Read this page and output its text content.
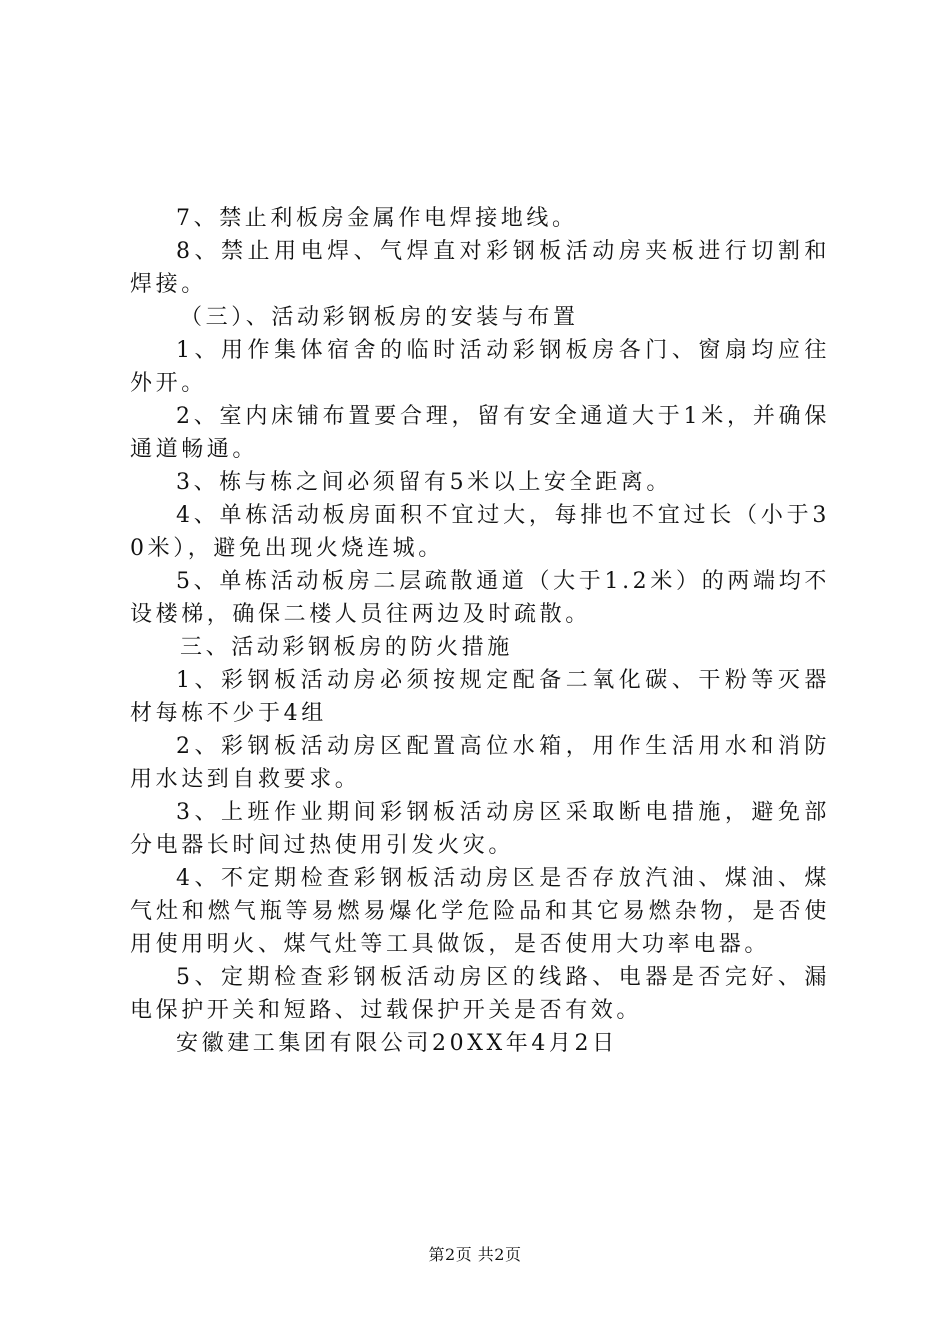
7、禁止利板房金属作电焊接地线。

8、禁止用电焊、气焊直对彩钢板活动房夹板进行切割和焊接。

（三）、活动彩钢板房的安装与布置

1、用作集体宿舍的临时活动彩钢板房各门、窗扇均应往外开。

2、室内床铺布置要合理，留有安全通道大于1米，并确保通道畅通。

3、栋与栋之间必须留有5米以上安全距离。

4、单栋活动板房面积不宜过大，每排也不宜过长（小于30米），避免出现火烧连城。

5、单栋活动板房二层疏散通道（大于1.2米）的两端均不设楼梯，确保二楼人员往两边及时疏散。

三、活动彩钢板房的防火措施

1、彩钢板活动房必须按规定配备二氧化碳、干粉等灭器材每栋不少于4组

2、彩钢板活动房区配置高位水箱，用作生活用水和消防用水达到自救要求。

3、上班作业期间彩钢板活动房区采取断电措施，避免部分电器长时间过热使用引发火灾。

4、不定期检查彩钢板活动房区是否存放汽油、煤油、煤气灶和燃气瓶等易燃易爆化学危险品和其它易燃杂物，是否使用使用明火、煤气灶等工具做饭，是否使用大功率电器。

5、定期检查彩钢板活动房区的线路、电器是否完好、漏电保护开关和短路、过载保护开关是否有效。

安徽建工集团有限公司20XX年4月2日

第2页 共2页
